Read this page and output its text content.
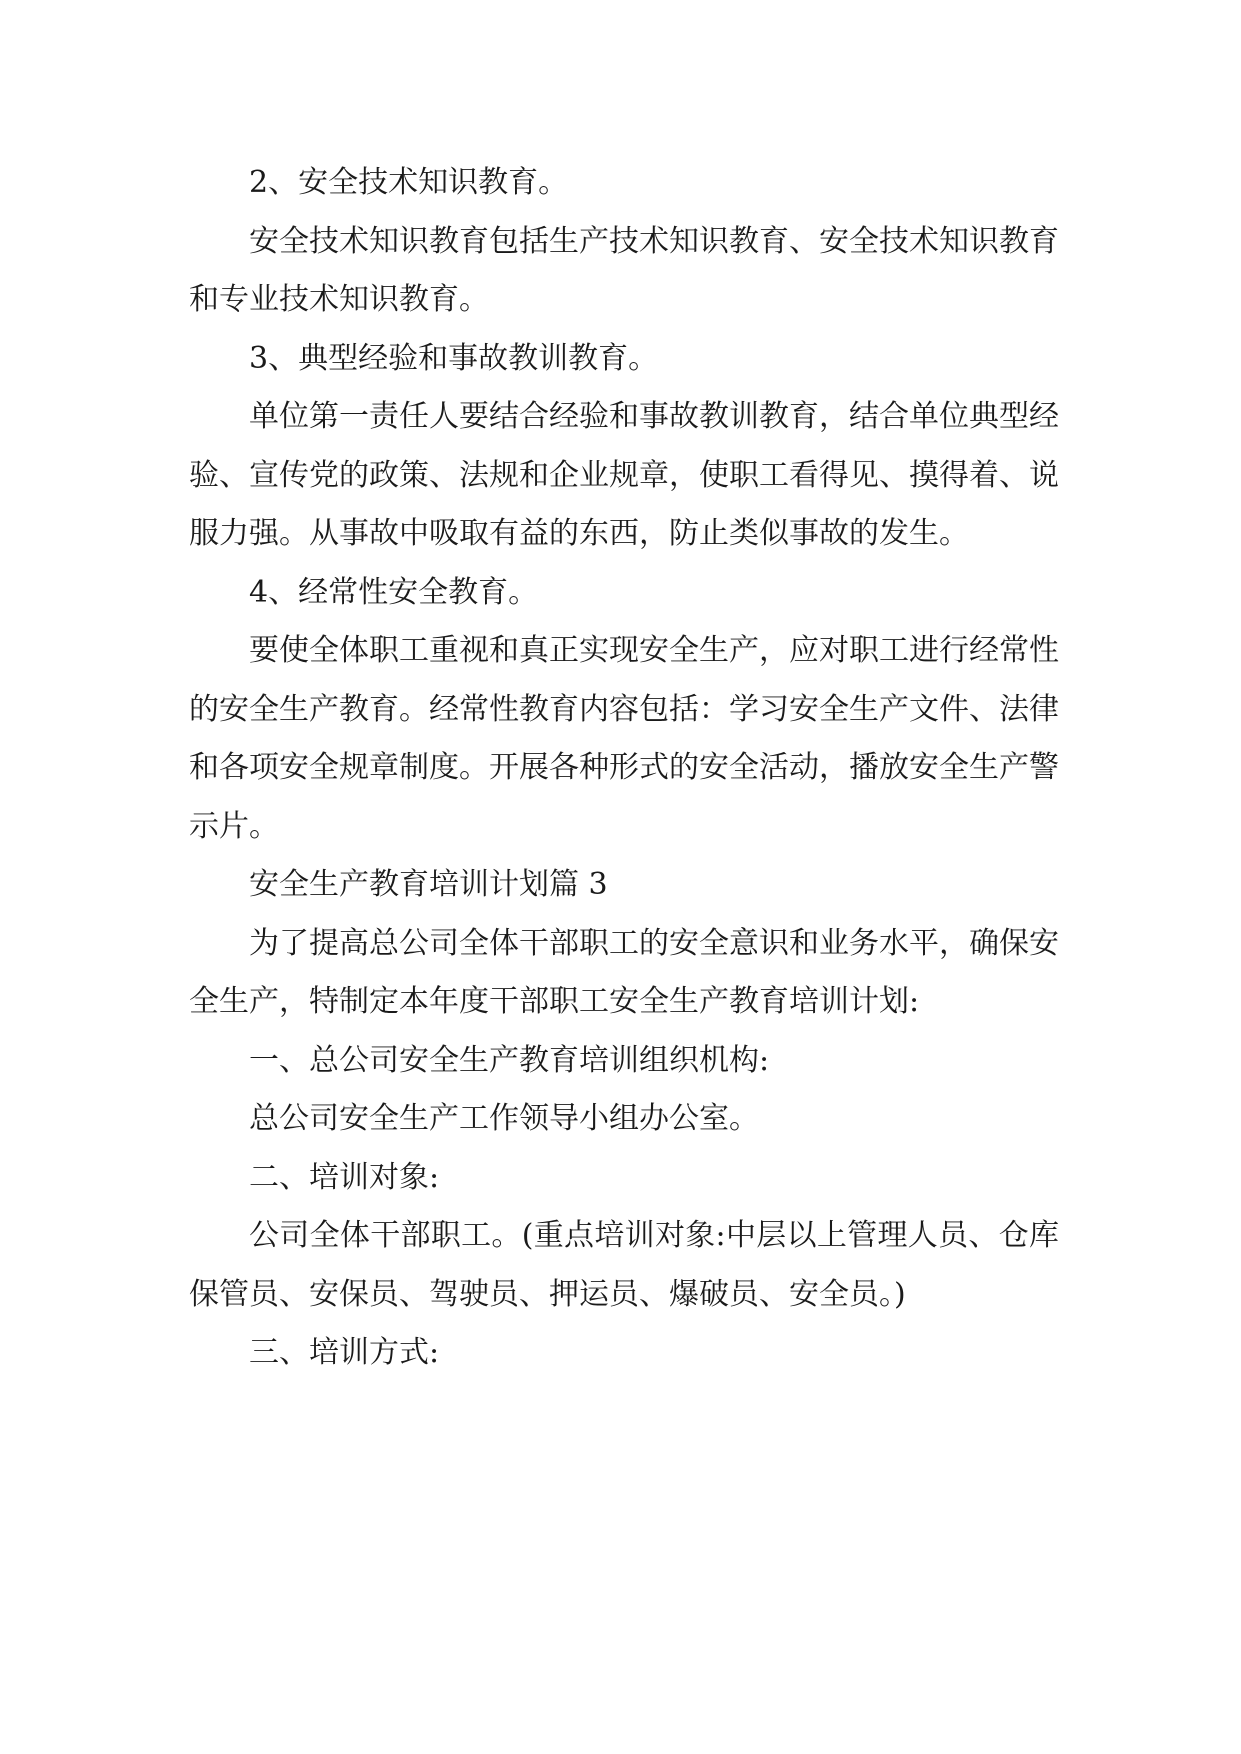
2、安全技术知识教育。

安全技术知识教育包括生产技术知识教育、安全技术知识教育和专业技术知识教育。

3、典型经验和事故教训教育。

单位第一责任人要结合经验和事故教训教育，结合单位典型经验、宣传党的政策、法规和企业规章，使职工看得见、摸得着、说服力强。从事故中吸取有益的东西，防止类似事故的发生。

4、经常性安全教育。

要使全体职工重视和真正实现安全生产，应对职工进行经常性的安全生产教育。经常性教育内容包括：学习安全生产文件、法律和各项安全规章制度。开展各种形式的安全活动，播放安全生产警示片。

安全生产教育培训计划篇 3

为了提高总公司全体干部职工的安全意识和业务水平，确保安全生产，特制定本年度干部职工安全生产教育培训计划:

一、总公司安全生产教育培训组织机构:

总公司安全生产工作领导小组办公室。

二、培训对象:

公司全体干部职工。(重点培训对象:中层以上管理人员、仓库保管员、安保员、驾驶员、押运员、爆破员、安全员。)

三、培训方式:
